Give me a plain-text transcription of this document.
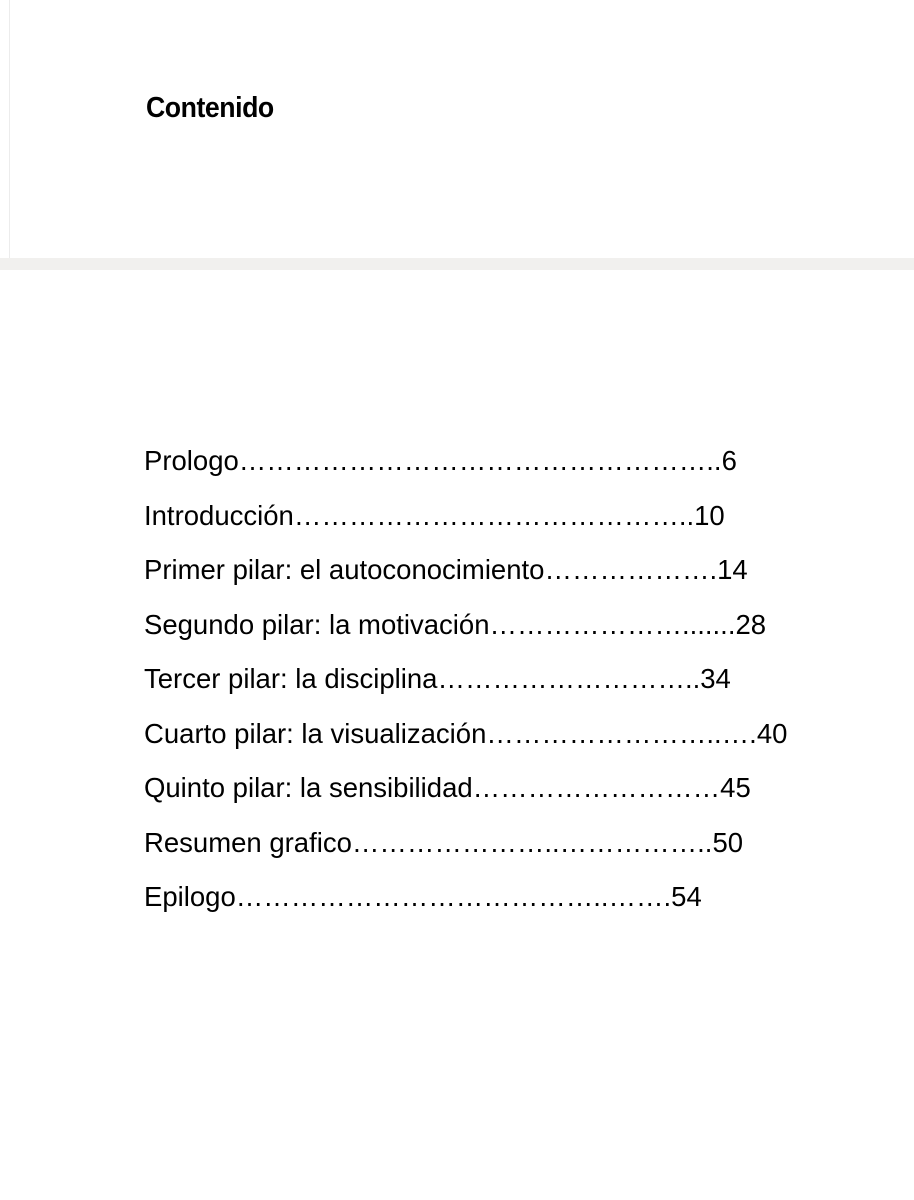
Contenido
Prologo……………………………………………..6
Introducción……………………………………..10
Primer pilar: el autoconocimiento……………….14
Segundo pilar: la motivación………………….......28
Tercer pilar: la disciplina………………………..34
Cuarto pilar: la visualización……………………..….40
Quinto pilar: la sensibilidad………………………45
Resumen grafico…………………..……………..50
Epilogo…………………………………..…….54
